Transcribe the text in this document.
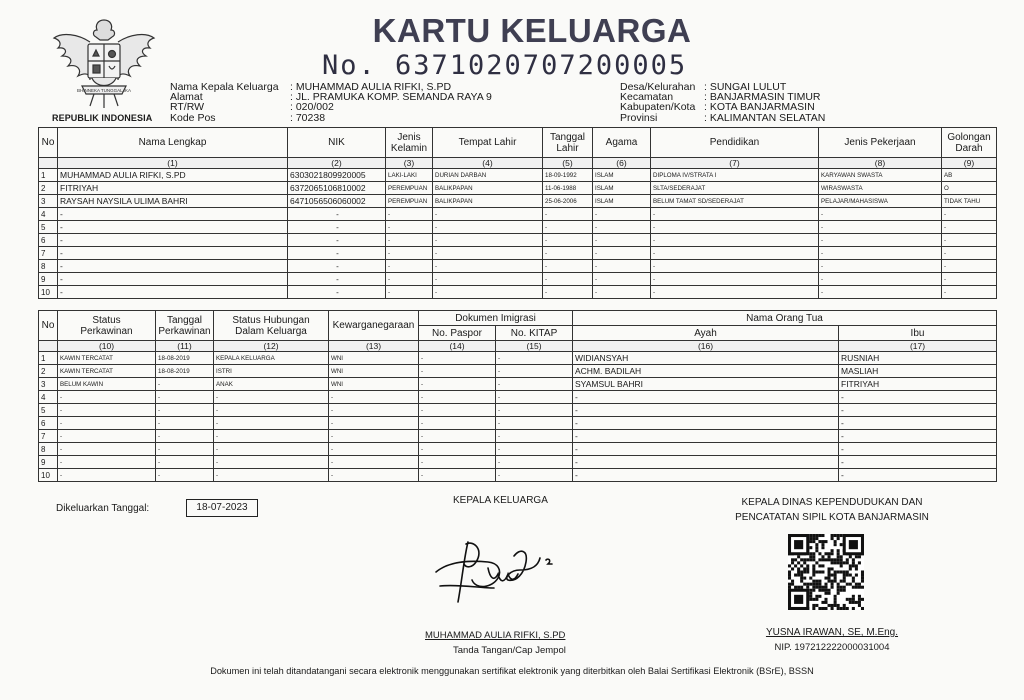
BHINNEKA TUNGGAL IKA
REPUBLIK INDONESIA
KARTU KELUARGA
No. 6371020707200005
Nama Kepala Keluarga	: MUHAMMAD AULIA RIFKI, S.PD
Alamat	: JL. PRAMUKA KOMP. SEMANDA RAYA 9
RT/RW	: 020/002
Kode Pos	: 70238
Desa/Kelurahan : SUNGAI LULUT
Kecamatan	: BANJARMASIN TIMUR
Kabupaten/Kota : KOTA BANJARMASIN
Provinsi	: KALIMANTAN SELATAN
No	Nama Lengkap	NIK	Jenis Kelamin	Tempat Lahir	Tanggal Lahir	Agama	Pendidikan	Jenis Pekerjaan	Golongan Darah
	(1)	(2)	(3)	(4)	(5)	(6)	(7)	(8)	(9)
1	MUHAMMAD AULIA RIFKI, S.PD	6303021809920005	LAKI-LAKI	DURIAN DARBAN	18-09-1992	ISLAM	DIPLOMA IV/STRATA I	KARYAWAN SWASTA	AB
2	FITRIYAH	6372065106810002	PEREMPUAN	BALIKPAPAN	11-06-1988	ISLAM	SLTA/SEDERAJAT	WIRASWASTA	O
3	RAYSAH NAYSILA ULIMA BAHRI	6471056506060002	PEREMPUAN	BALIKPAPAN	25-06-2006	ISLAM	BELUM TAMAT SD/SEDERAJAT	PELAJAR/MAHASISWA	TIDAK TAHU
4	-	-	-	-	-	-	-	-	-
5	-	-	-	-	-	-	-	-	-
6	-	-	-	-	-	-	-	-	-
7	-	-	-	-	-	-	-	-	-
8	-	-	-	-	-	-	-	-	-
9	-	-	-	-	-	-	-	-	-
10	-	-	-	-	-	-	-	-	-
No	Status Perkawinan	Tanggal Perkawinan	Status Hubungan Dalam Keluarga	Kewarganegaraan	Dokumen Imigrasi		Nama Orang Tua	
					No. Paspor	No. KITAP	Ayah	Ibu
	(10)	(11)	(12)	(13)	(14)	(15)	(16)	(17)
1	KAWIN TERCATAT	18-08-2019	KEPALA KELUARGA	WNI	-	-	WIDIANSYAH	RUSNIAH
2	KAWIN TERCATAT	18-08-2019	ISTRI	WNI	-	-	ACHM. BADILAH	MASLIAH
3	BELUM KAWIN	-	ANAK	WNI	-	-	SYAMSUL BAHRI	FITRIYAH
4	-	-	-	-	-	-	-	-
5	-	-	-	-	-	-	-	-
6	-	-	-	-	-	-	-	-
7	-	-	-	-	-	-	-	-
8	-	-	-	-	-	-	-	-
9	-	-	-	-	-	-	-	-
10	-	-	-	-	-	-	-	-
Dikeluarkan Tanggal:	18-07-2023
KEPALA KELUARGA
MUHAMMAD AULIA RIFKI, S.PD
Tanda Tangan/Cap Jempol
KEPALA DINAS KEPENDUDUKAN DAN
PENCATATAN SIPIL KOTA BANJARMASIN
YUSNA IRAWAN, SE, M.Eng.
NIP. 197212222000031004
Dokumen ini telah ditandatangani secara elektronik menggunakan sertifikat elektronik yang diterbitkan oleh Balai Sertifikasi Elektronik (BSrE), BSSN
